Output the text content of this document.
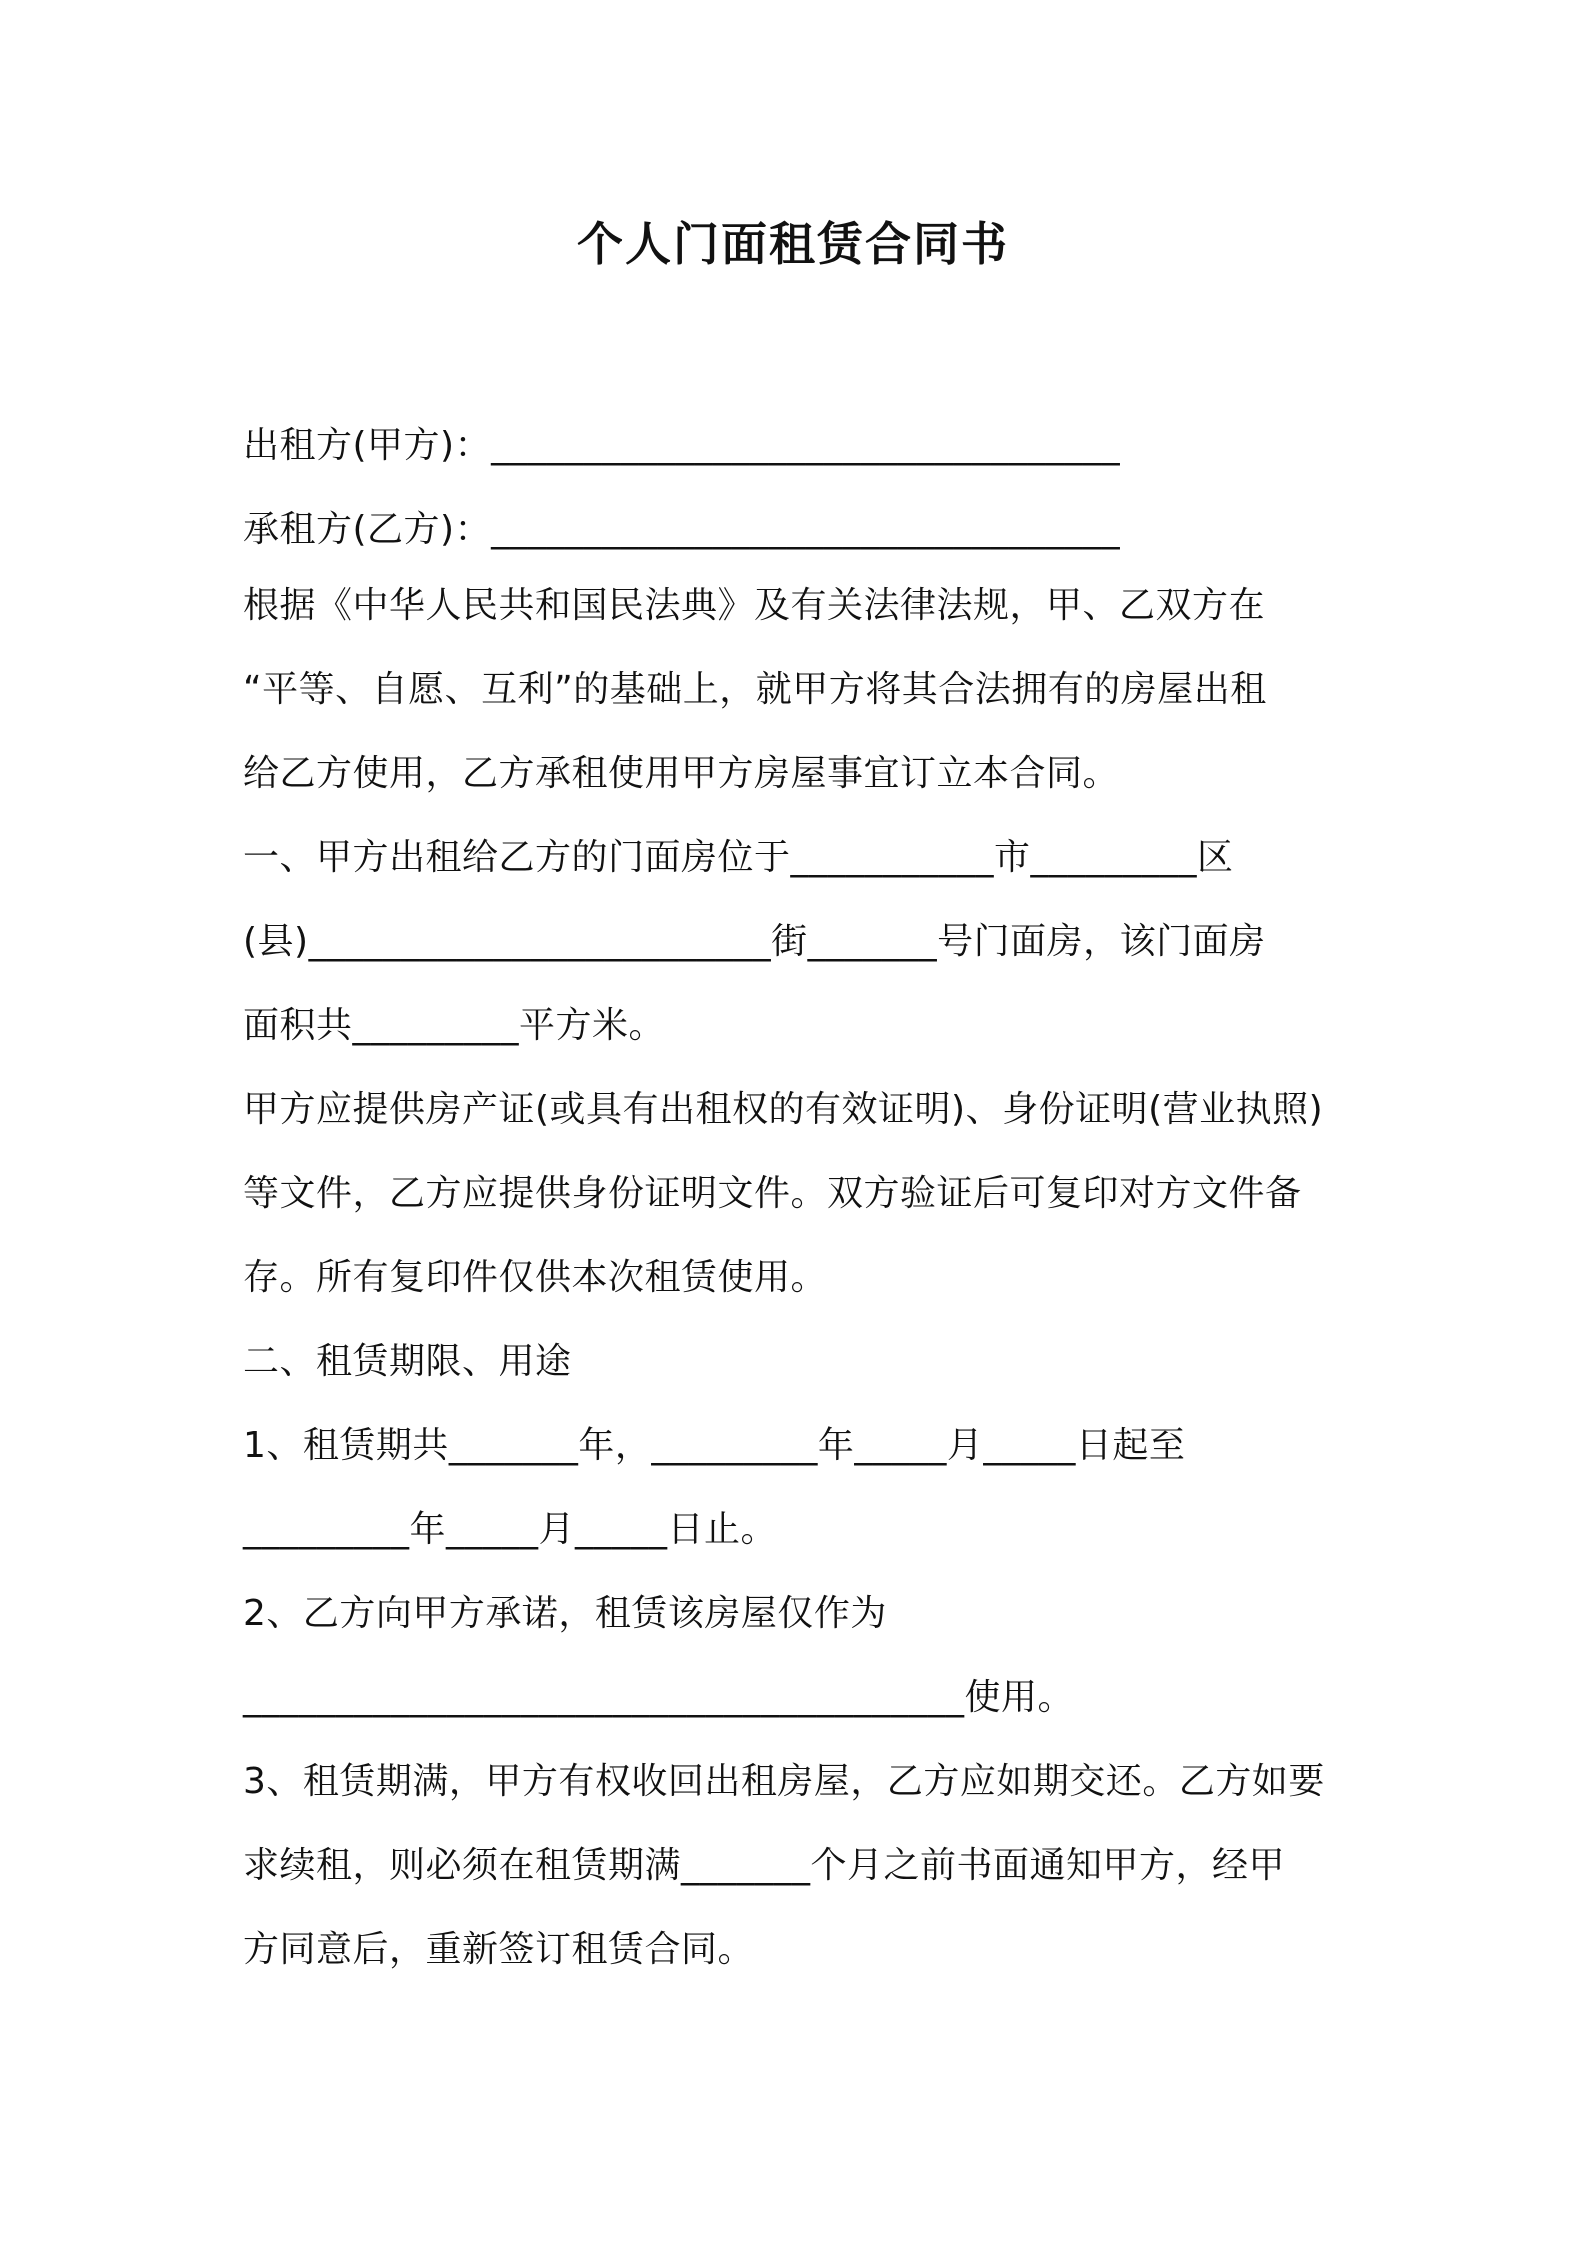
个人门面租赁合同书
出租方(甲方)：__________________________________
承租方(乙方)：__________________________________
根据《中华人民共和国民法典》及有关法律法规，甲、乙双方在
“平等、自愿、互利”的基础上，就甲方将其合法拥有的房屋出租
给乙方使用，乙方承租使用甲方房屋事宜订立本合同。
一、甲方出租给乙方的门面房位于___________市_________区
(县)_________________________街_______号门面房，该门面房
面积共_________平方米。
甲方应提供房产证(或具有出租权的有效证明)、身份证明(营业执照)
等文件，乙方应提供身份证明文件。双方验证后可复印对方文件备
存。所有复印件仅供本次租赁使用。
二、租赁期限、用途
1、租赁期共_______年，_________年_____月_____日起至
_________年_____月_____日止。
2、乙方向甲方承诺，租赁该房屋仅作为
_______________________________________使用。
3、租赁期满，甲方有权收回出租房屋，乙方应如期交还。乙方如要
求续租，则必须在租赁期满_______个月之前书面通知甲方，经甲
方同意后，重新签订租赁合同。
